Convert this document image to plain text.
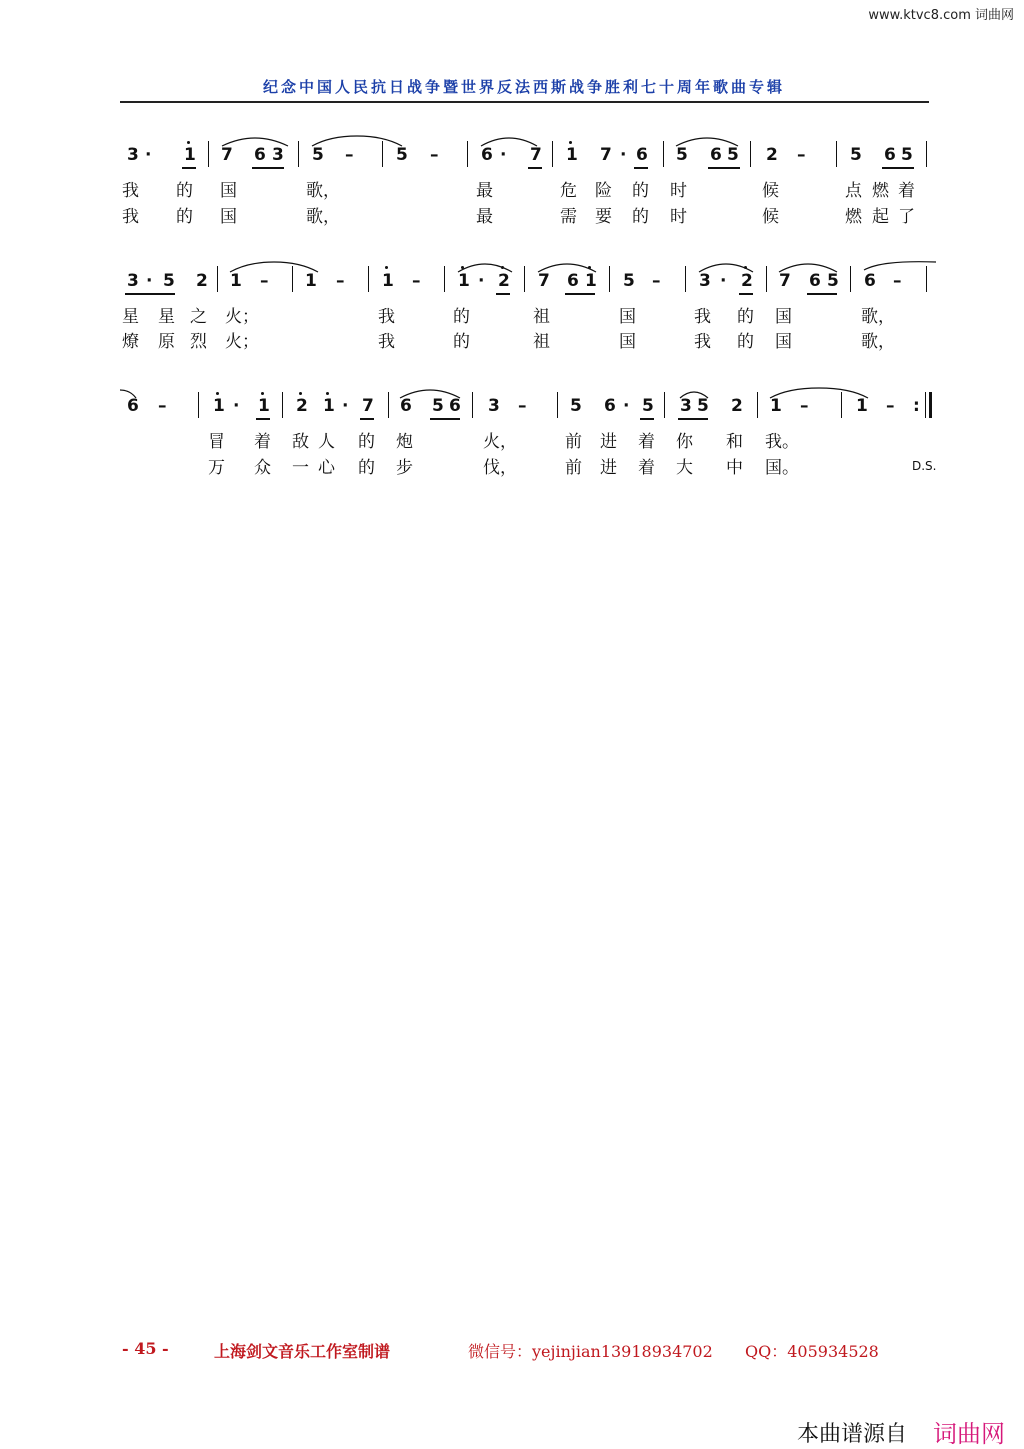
www.ktvc8.com 词曲网
纪念中国人民抗日战争暨世界反法西斯战争胜利七十周年歌曲专辑
3 · 1 7 6 3 5 –	5 –	6 · 7 1 7 · 6 5 6 5 2 –	5 6 5
我 的 国	歌，	最	危 险 的 时	候	点 燃 着
我 的 国	歌，	最	需 要 的 时	候	燃 起 了
3 · 5 2 1 – 1 – 1 – 1 · 2 7 6 1 5 – 3 · 2 7 6 5 6 –
星 星 之 火；	我	的	祖	国	我 的 国	歌，
燎 原 烈 火；	我	的	祖	国	我 的 国	歌，
6 –	1 · 1 2 1 · 7 6 5 6 3 –	5 6 · 5 3 5 2 1 –	1 – :
冒 着 敌 人 的 炮	火，	前 进 着 你 和 我。
万 众 一 心 的 步	伐，	前 进 着 大 中 国。	D.S.
- 45 -	上海剑文音乐工作室制谱	微信号：yejinjian13918934702 QQ：405934528
本曲谱源自 词曲网
